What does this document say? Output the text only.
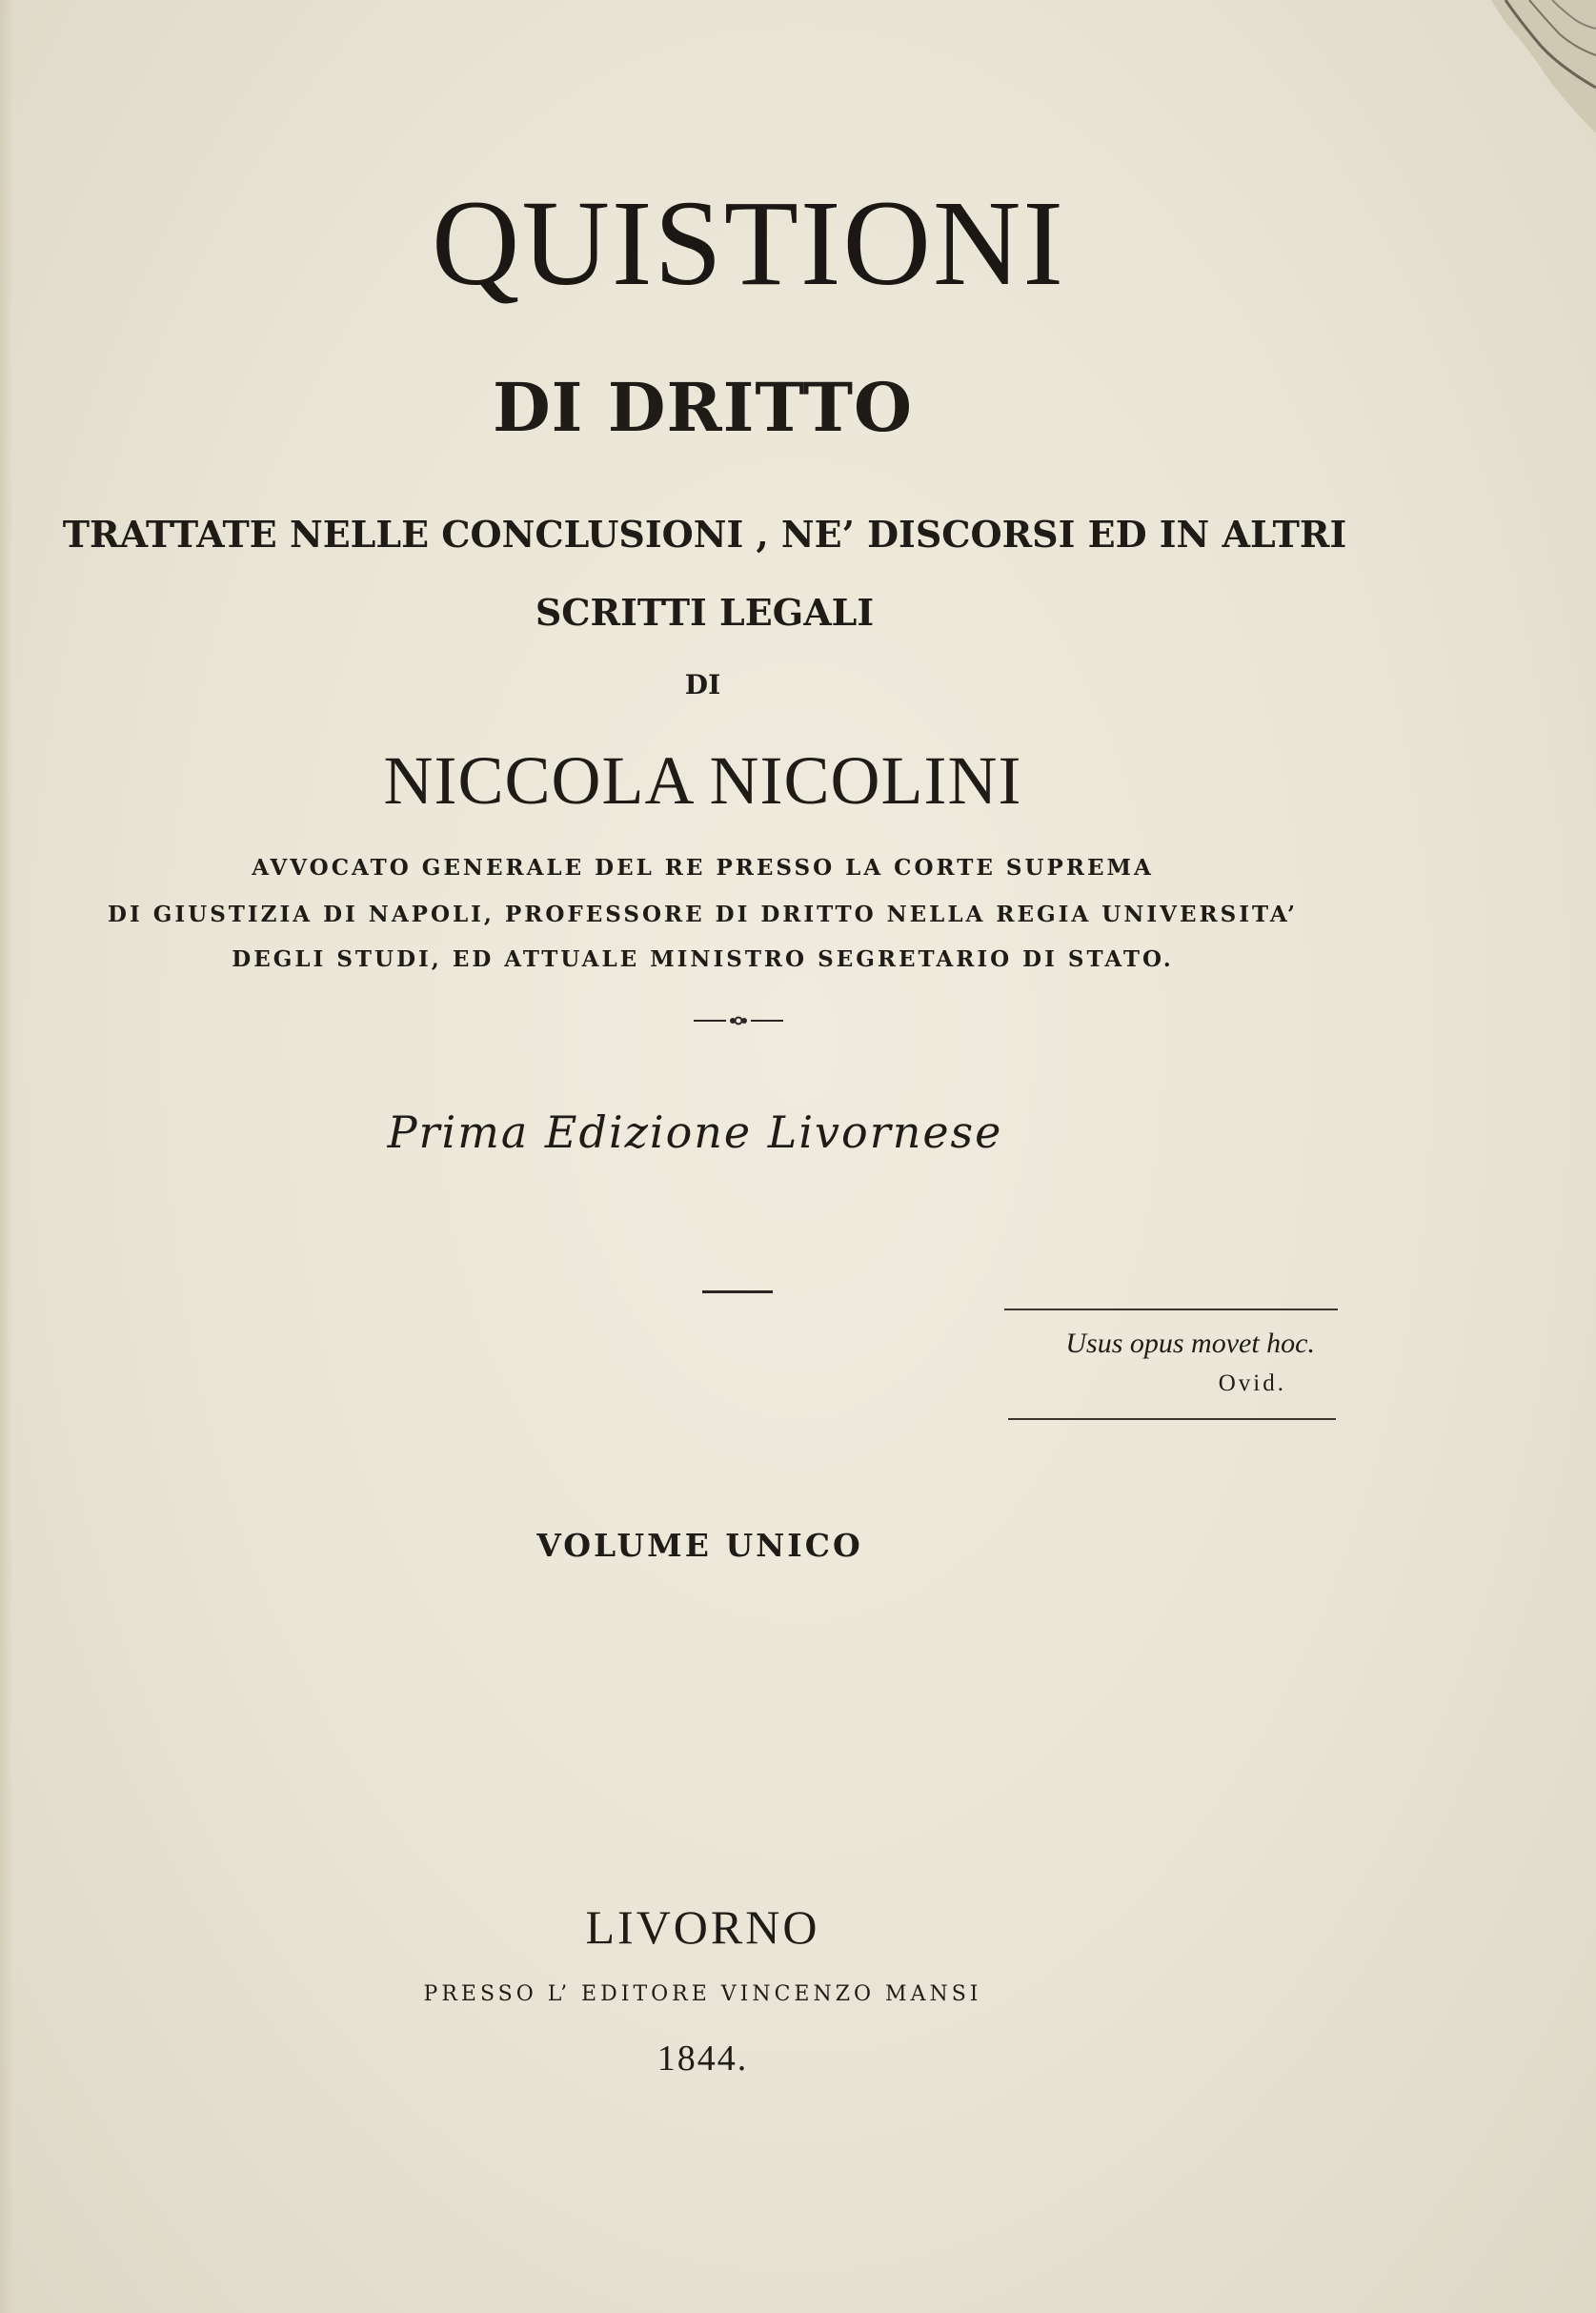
QUISTIONI
DI DRITTO
TRATTATE NELLE CONCLUSIONI , NE’ DISCORSI ED IN ALTRI
SCRITTI LEGALI
DI
NICCOLA NICOLINI
AVVOCATO GENERALE DEL RE PRESSO LA CORTE SUPREMA
DI GIUSTIZIA DI NAPOLI, PROFESSORE DI DRITTO NELLA REGIA UNIVERSITA’
DEGLI STUDI, ED ATTUALE MINISTRO SEGRETARIO DI STATO.
Prima Edizione Livornese
Usus opus movet hoc.
Ovid.
VOLUME UNICO
LIVORNO
PRESSO L’ EDITORE VINCENZO MANSI
1844.
